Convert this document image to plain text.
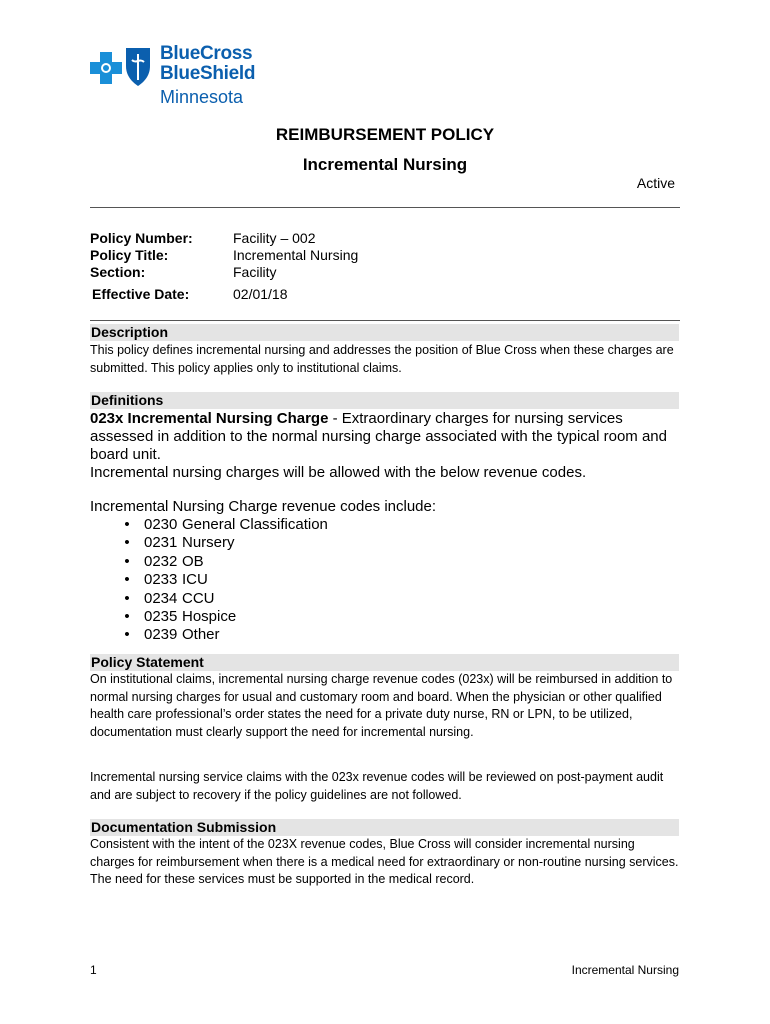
BlueCross
BlueShield
Minnesota
REIMBURSEMENT POLICY
Incremental Nursing
Active
Policy Number:	Facility – 002
Policy Title:	Incremental Nursing
Section:	Facility
Effective Date:	02/01/18
Description
This policy defines incremental nursing and addresses the position of Blue Cross when these charges are submitted. This policy applies only to institutional claims.
Definitions
023x Incremental Nursing Charge - Extraordinary charges for nursing services assessed in addition to the normal nursing charge associated with the typical room and board unit.
Incremental nursing charges will be allowed with the below revenue codes.
Incremental Nursing Charge revenue codes include:
• 0230 General Classification
• 0231 Nursery
• 0232 OB
• 0233 ICU
• 0234 CCU
• 0235 Hospice
• 0239 Other
Policy Statement
On institutional claims, incremental nursing charge revenue codes (023x) will be reimbursed in addition to normal nursing charges for usual and customary room and board. When the physician or other qualified health care professional’s order states the need for a private duty nurse, RN or LPN, to be utilized, documentation must clearly support the need for incremental nursing.
Incremental nursing service claims with the 023x revenue codes will be reviewed on post-payment audit and are subject to recovery if the policy guidelines are not followed.
Documentation Submission
Consistent with the intent of the 023X revenue codes, Blue Cross will consider incremental nursing charges for reimbursement when there is a medical need for extraordinary or non-routine nursing services. The need for these services must be supported in the medical record.
1	Incremental Nursing
